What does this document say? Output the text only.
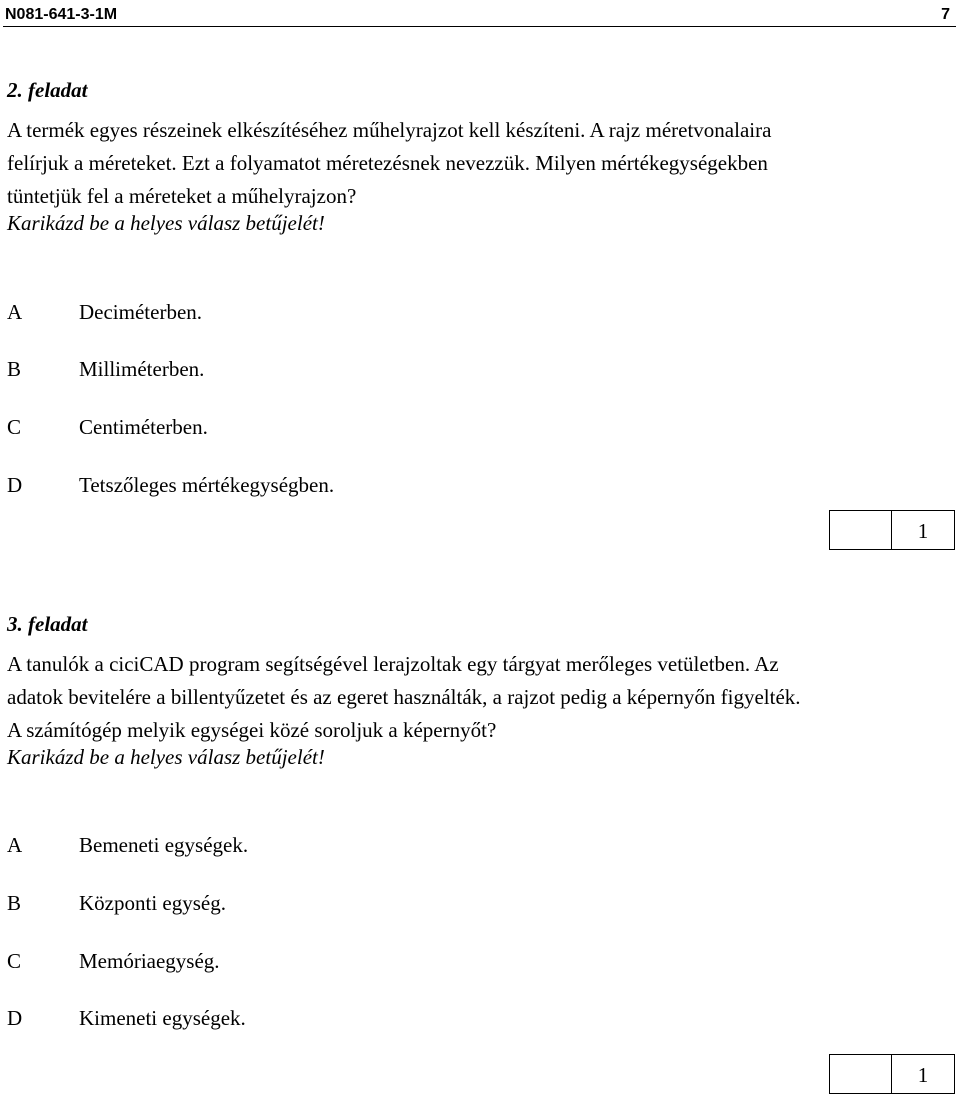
N081-641-3-1M	7
2. feladat
A termék egyes részeinek elkészítéséhez műhelyrajzot kell készíteni. A rajz méretvonalaira
felírjuk a méreteket. Ezt a folyamatot méretezésnek nevezzük. Milyen mértékegységekben
tüntetjük fel a méreteket a műhelyrajzon?
Karikázd be a helyes válasz betűjelét!
A	Deciméterben.
B	Milliméterben.
C	Centiméterben.
D	Tetszőleges mértékegységben.
1
3. feladat
A tanulók a ciciCAD program segítségével lerajzoltak egy tárgyat merőleges vetületben. Az
adatok bevitelére a billentyűzetet és az egeret használták, a rajzot pedig a képernyőn figyelték.
A számítógép melyik egységei közé soroljuk a képernyőt?
Karikázd be a helyes válasz betűjelét!
A	Bemeneti egységek.
B	Központi egység.
C	Memóriaegység.
D	Kimeneti egységek.
1
